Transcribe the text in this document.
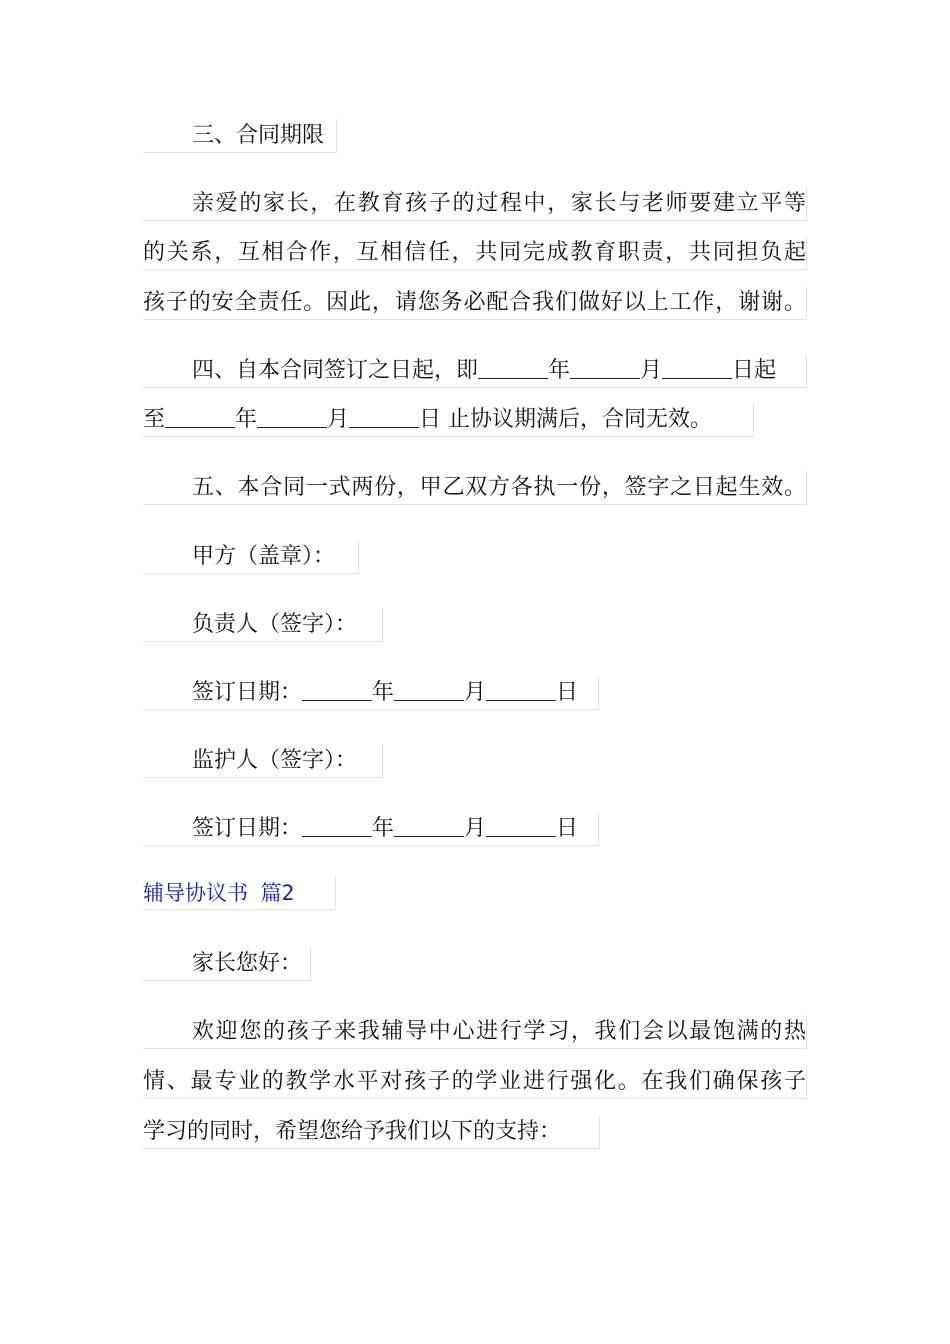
三、合同期限
亲爱的家长，在教育孩子的过程中，家长与老师要建立平等
的关系，互相合作，互相信任，共同完成教育职责，共同担负起
孩子的安全责任。因此，请您务必配合我们做好以上工作，谢谢。
四、自本合同签订之日起，即	年	月	日起
至	年	月	日 止协议期满后，合同无效。
五、本合同一式两份，甲乙双方各执一份，签字之日起生效。
甲方（盖章）：
负责人（签字）：
签订日期：	年	月	日
监护人（签字）：
签订日期：	年	月	日
辅导协议书 篇2
家长您好：
欢迎您的孩子来我辅导中心进行学习，我们会以最饱满的热
情、最专业的教学水平对孩子的学业进行强化。在我们确保孩子
学习的同时，希望您给予我们以下的支持：
